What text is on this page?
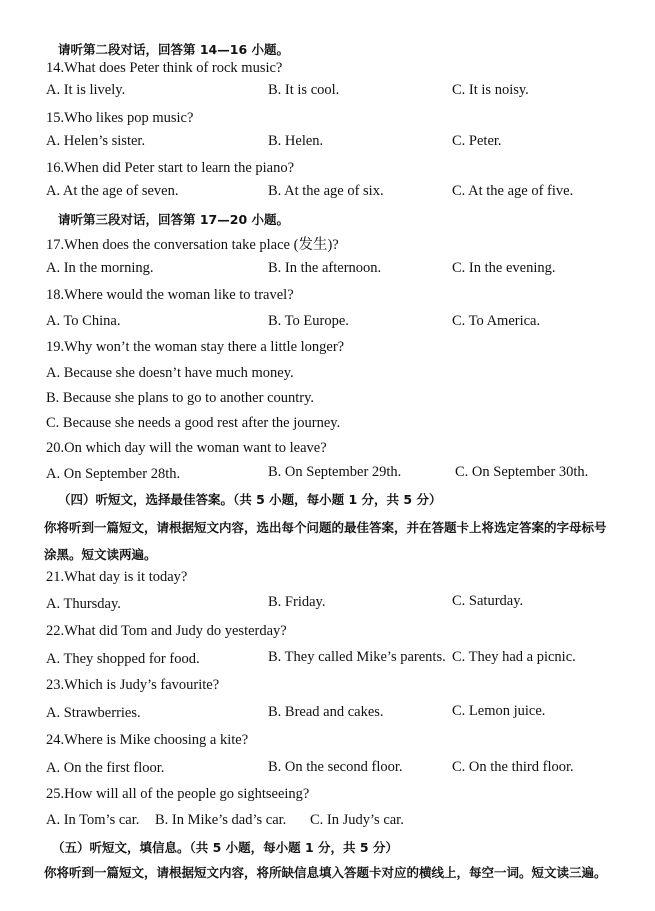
请听第二段对话，回答第 14—16 小题。
14.What does Peter think of rock music?
A. It is lively.	B. It is cool.	C. It is noisy.
15.Who likes pop music?
A. Helen’s sister.	B. Helen.	C. Peter.
16.When did Peter start to learn the piano?
A. At the age of seven.	B. At the age of six.	C. At the age of five.
请听第三段对话，回答第 17—20 小题。
17.When does the conversation take place (发生)?
A. In the morning.	B. In the afternoon.	C. In the evening.
18.Where would the woman like to travel?
A. To China.	B. To Europe.	C. To America.
19.Why won’t the woman stay there a little longer?
A. Because she doesn’t have much money.
B. Because she plans to go to another country.
C. Because she needs a good rest after the journey.
20.On which day will the woman want to leave?
A. On September 28th.	B. On September 29th.	C. On September 30th.
（四）听短文，选择最佳答案。（共 5 小题，每小题 1 分，共 5 分）
你将听到一篇短文，请根据短文内容，选出每个问题的最佳答案，并在答题卡上将选定答案的字母标号
涂黑。短文读两遍。
21.What day is it today?
A. Thursday.	B. Friday.	C. Saturday.
22.What did Tom and Judy do yesterday?
A. They shopped for food.	B. They called Mike’s parents. C. They had a picnic.
23.Which is Judy’s favourite?
A. Strawberries.	B. Bread and cakes.	C. Lemon juice.
24.Where is Mike choosing a kite?
A. On the first floor.	B. On the second floor.	C. On the third floor.
25.How will all of the people go sightseeing?
A. In Tom’s car. B. In Mike’s dad’s car. C. In Judy’s car.
（五）听短文，填信息。（共 5 小题，每小题 1 分，共 5 分）
你将听到一篇短文，请根据短文内容，将所缺信息填入答题卡对应的横线上，每空一词。短文读三遍。
